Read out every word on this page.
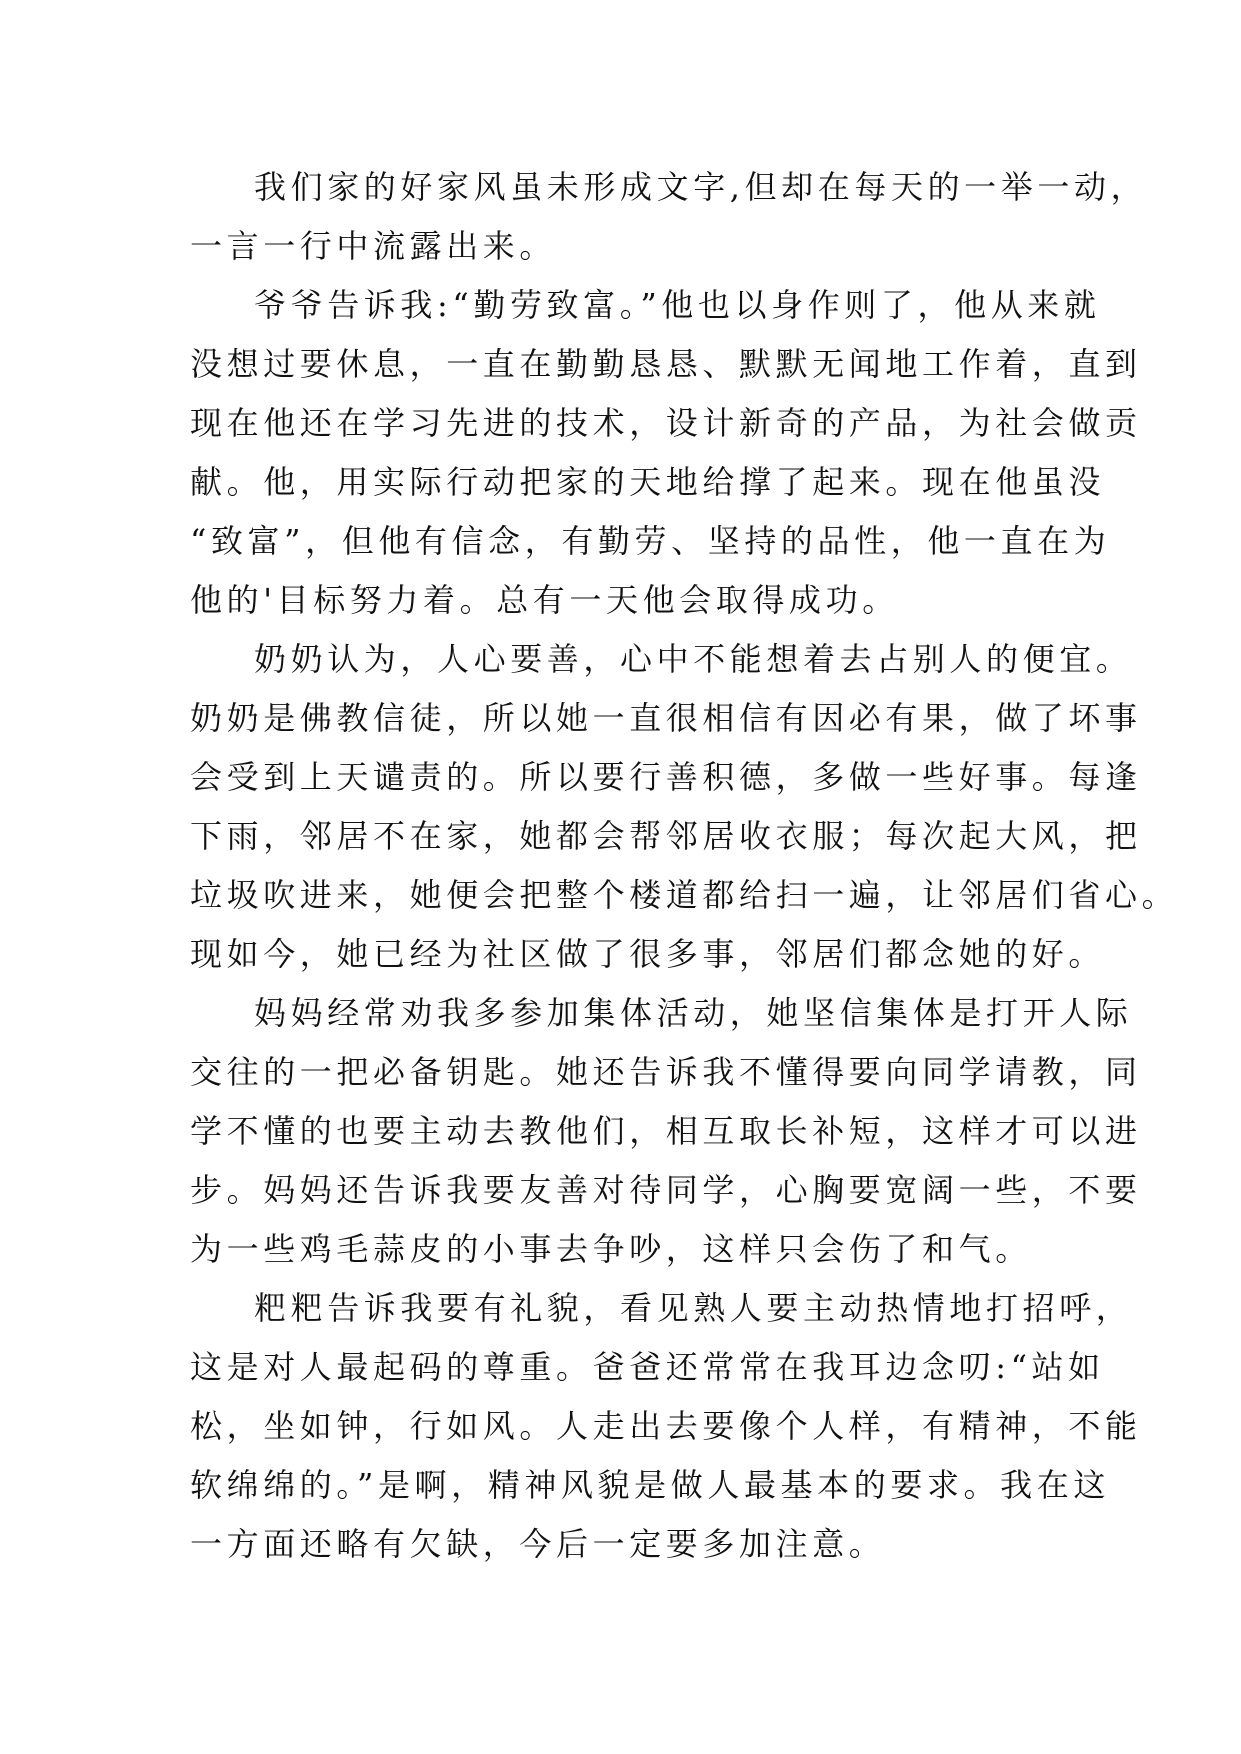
我们家的好家风虽未形成文字,但却在每天的一举一动，

一言一行中流露出来。

爷爷告诉我:“勤劳致富。”他也以身作则了，他从来就

没想过要休息，一直在勤勤恳恳、默默无闻地工作着，直到

现在他还在学习先进的技术，设计新奇的产品，为社会做贡

献。他，用实际行动把家的天地给撑了起来。现在他虽没

“致富”，但他有信念，有勤劳、坚持的品性，他一直在为

他的'目标努力着。总有一天他会取得成功。

奶奶认为，人心要善，心中不能想着去占别人的便宜。

奶奶是佛教信徒，所以她一直很相信有因必有果，做了坏事

会受到上天谴责的。所以要行善积德，多做一些好事。每逢

下雨，邻居不在家，她都会帮邻居收衣服；每次起大风，把

垃圾吹进来，她便会把整个楼道都给扫一遍，让邻居们省心。

现如今，她已经为社区做了很多事，邻居们都念她的好。

妈妈经常劝我多参加集体活动，她坚信集体是打开人际

交往的一把必备钥匙。她还告诉我不懂得要向同学请教，同

学不懂的也要主动去教他们，相互取长补短，这样才可以进

步。妈妈还告诉我要友善对待同学，心胸要宽阔一些，不要

为一些鸡毛蒜皮的小事去争吵，这样只会伤了和气。

粑粑告诉我要有礼貌，看见熟人要主动热情地打招呼，

这是对人最起码的尊重。爸爸还常常在我耳边念叨:“站如

松，坐如钟，行如风。人走出去要像个人样，有精神，不能

软绵绵的。”是啊，精神风貌是做人最基本的要求。我在这

一方面还略有欠缺，今后一定要多加注意。
